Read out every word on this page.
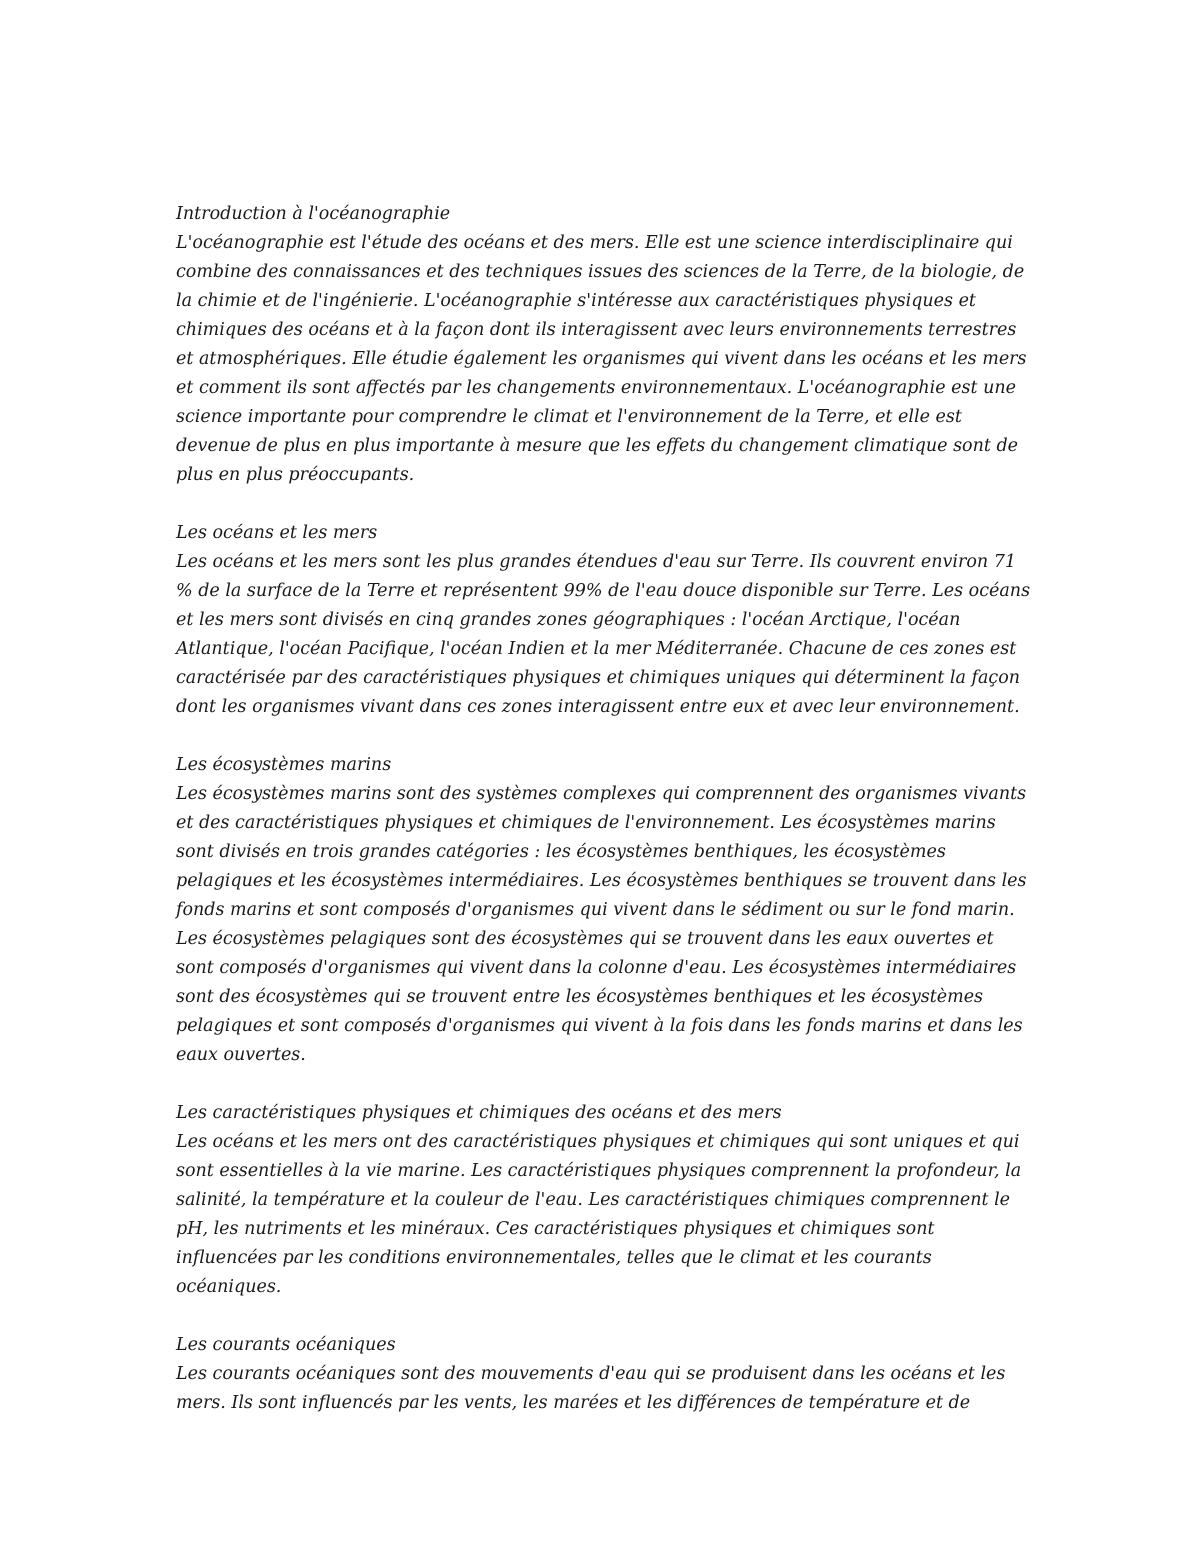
Introduction à l'océanographie

L'océanographie est l'étude des océans et des mers. Elle est une science interdisciplinaire qui combine des connaissances et des techniques issues des sciences de la Terre, de la biologie, de la chimie et de l'ingénierie. L'océanographie s'intéresse aux caractéristiques physiques et chimiques des océans et à la façon dont ils interagissent avec leurs environnements terrestres et atmosphériques. Elle étudie également les organismes qui vivent dans les océans et les mers et comment ils sont affectés par les changements environnementaux. L'océanographie est une science importante pour comprendre le climat et l'environnement de la Terre, et elle est devenue de plus en plus importante à mesure que les effets du changement climatique sont de plus en plus préoccupants.

Les océans et les mers

Les océans et les mers sont les plus grandes étendues d'eau sur Terre. Ils couvrent environ 71 % de la surface de la Terre et représentent 99% de l'eau douce disponible sur Terre. Les océans et les mers sont divisés en cinq grandes zones géographiques : l'océan Arctique, l'océan Atlantique, l'océan Pacifique, l'océan Indien et la mer Méditerranée. Chacune de ces zones est caractérisée par des caractéristiques physiques et chimiques uniques qui déterminent la façon dont les organismes vivant dans ces zones interagissent entre eux et avec leur environnement.

Les écosystèmes marins

Les écosystèmes marins sont des systèmes complexes qui comprennent des organismes vivants et des caractéristiques physiques et chimiques de l'environnement. Les écosystèmes marins sont divisés en trois grandes catégories : les écosystèmes benthiques, les écosystèmes pelagiques et les écosystèmes intermédiaires. Les écosystèmes benthiques se trouvent dans les fonds marins et sont composés d'organismes qui vivent dans le sédiment ou sur le fond marin. Les écosystèmes pelagiques sont des écosystèmes qui se trouvent dans les eaux ouvertes et sont composés d'organismes qui vivent dans la colonne d'eau. Les écosystèmes intermédiaires sont des écosystèmes qui se trouvent entre les écosystèmes benthiques et les écosystèmes pelagiques et sont composés d'organismes qui vivent à la fois dans les fonds marins et dans les eaux ouvertes.

Les caractéristiques physiques et chimiques des océans et des mers

Les océans et les mers ont des caractéristiques physiques et chimiques qui sont uniques et qui sont essentielles à la vie marine. Les caractéristiques physiques comprennent la profondeur, la salinité, la température et la couleur de l'eau. Les caractéristiques chimiques comprennent le pH, les nutriments et les minéraux. Ces caractéristiques physiques et chimiques sont influencées par les conditions environnementales, telles que le climat et les courants océaniques.

Les courants océaniques

Les courants océaniques sont des mouvements d'eau qui se produisent dans les océans et les mers. Ils sont influencés par les vents, les marées et les différences de température et de
